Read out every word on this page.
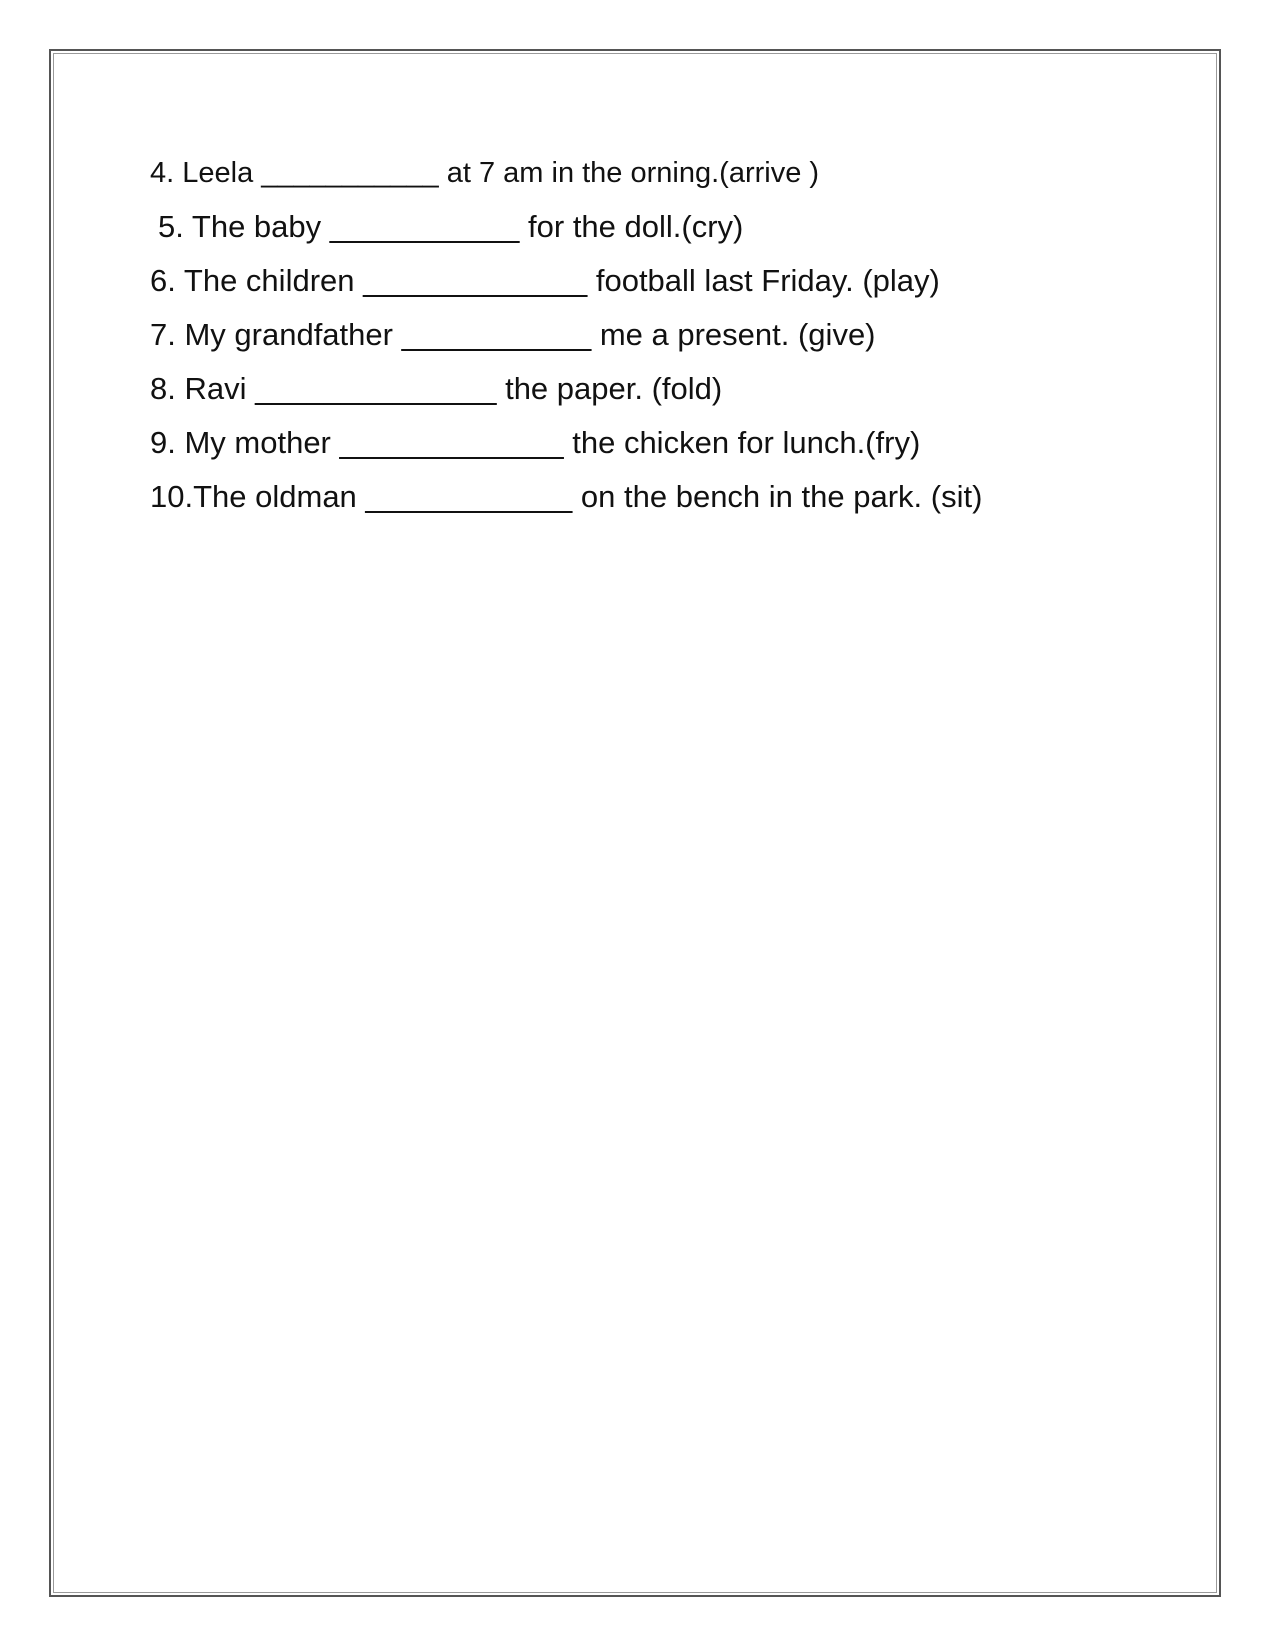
4. Leela ___________ at 7 am in the orning.(arrive )
5. The baby ___________ for the doll.(cry)
6. The children _____________ football last Friday. (play)
7. My grandfather ___________ me a present. (give)
8. Ravi ______________ the paper. (fold)
9. My mother _____________ the chicken for lunch.(fry)
10.The oldman ____________ on the bench in the park. (sit)
